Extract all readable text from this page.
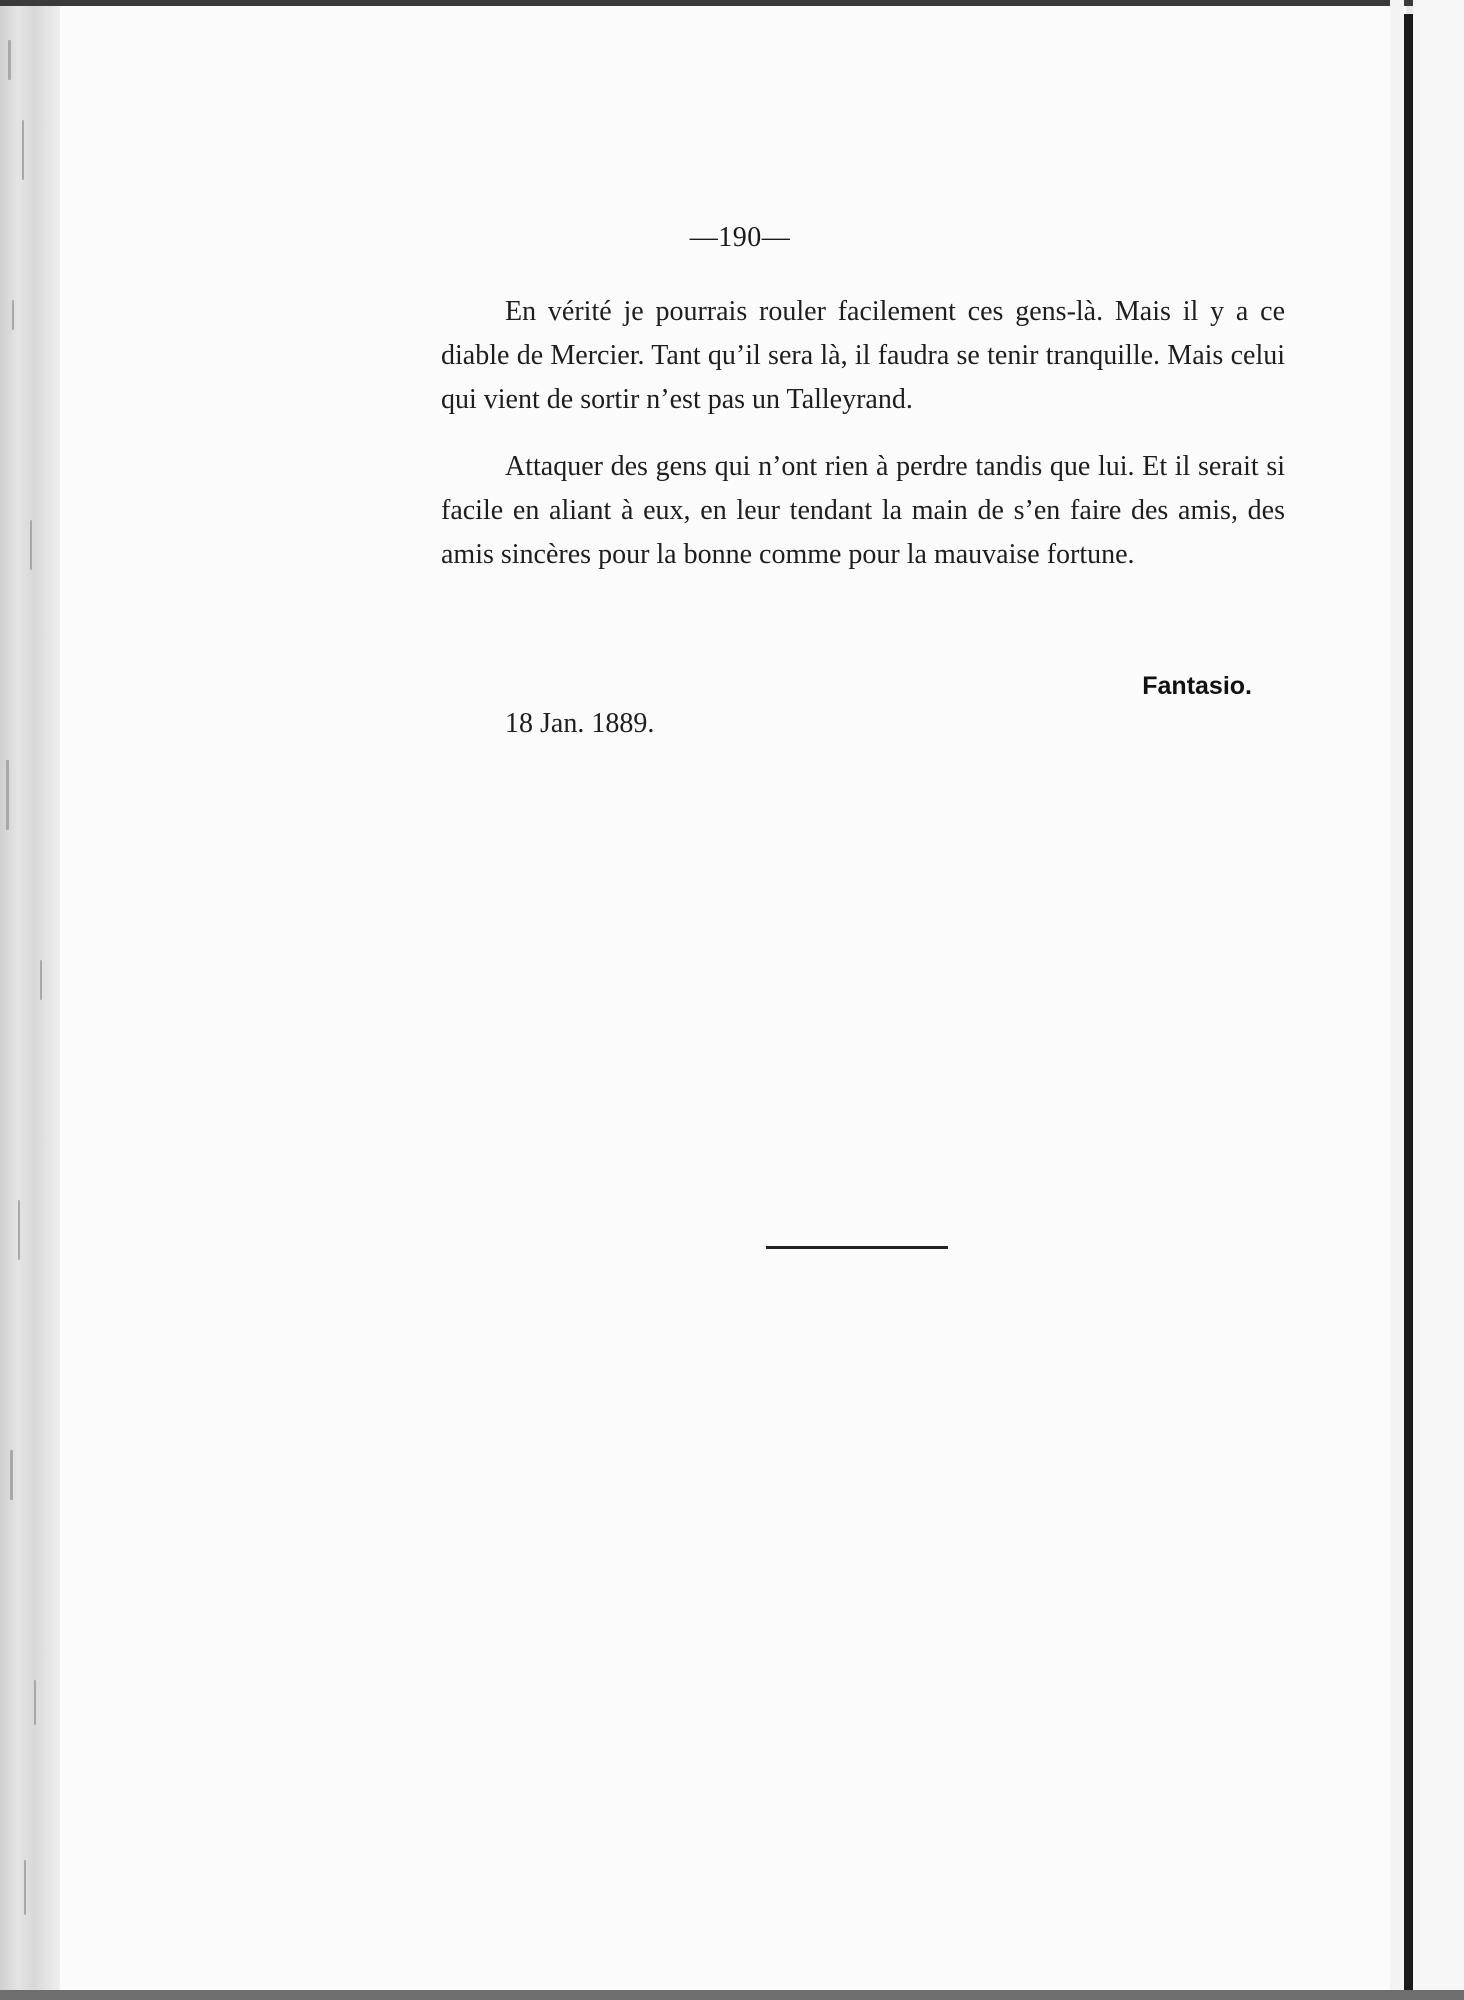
—190—

En vérité je pourrais rouler facilement ces gens-là. Mais il y a ce diable de Mercier. Tant qu’il sera là, il faudra se tenir tranquille. Mais celui qui vient de sortir n’est pas un Talleyrand.

Attaquer des gens qui n’ont rien à perdre tandis que lui. Et il serait si facile en aliant à eux, en leur tendant la main de s’en faire des amis, des amis sincères pour la bonne comme pour la mauvaise fortune.

Fantasio.
18 Jan. 1889.
